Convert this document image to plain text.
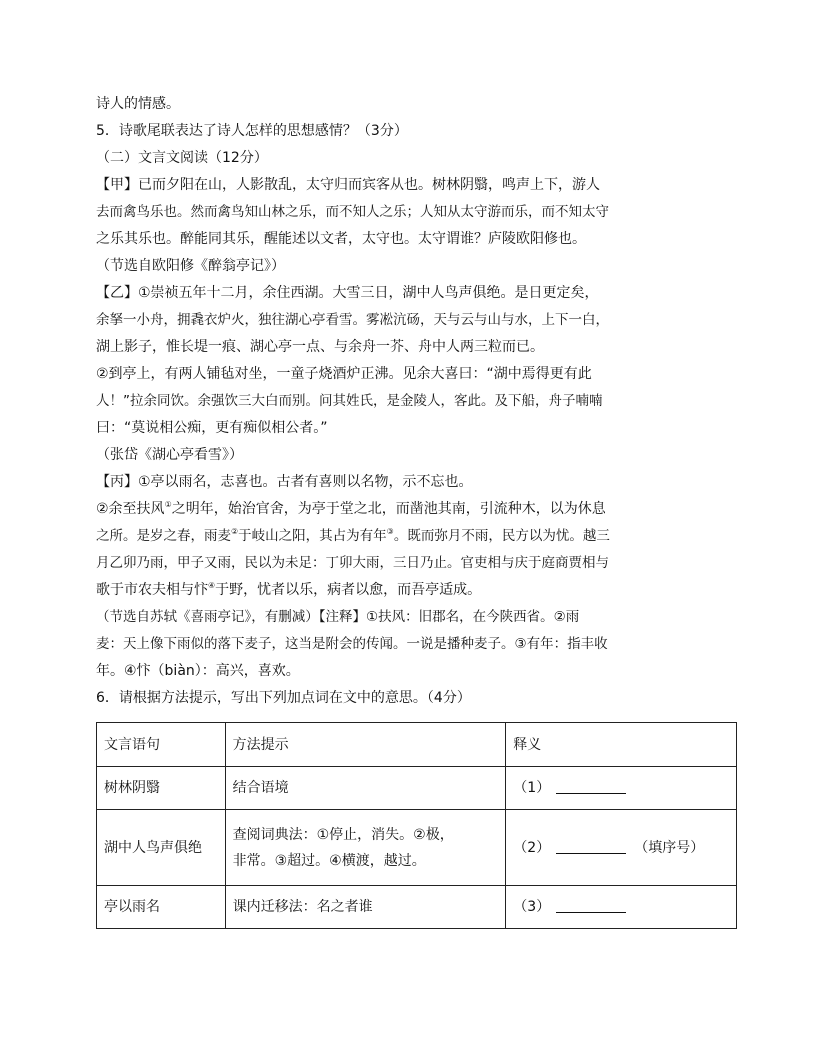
诗人的情感。
5．诗歌尾联表达了诗人怎样的思想感情？（3分）
（二）文言文阅读（12分）
【甲】已而夕阳在山，人影散乱，太守归而宾客从也。树林阴翳，鸣声上下，游人
去而禽鸟乐也。然而禽鸟知山林之乐，而不知人之乐；人知从太守游而乐，而不知太守
之乐其乐也。醉能同其乐，醒能述以文者，太守也。太守谓谁？庐陵欧阳修也。
（节选自欧阳修《醉翁亭记》）
【乙】①崇祯五年十二月，余住西湖。大雪三日，湖中人鸟声俱绝。是日更定矣，
余拏一小舟，拥毳衣炉火，独往湖心亭看雪。雾凇沆砀，天与云与山与水，上下一白，
湖上影子，惟长堤一痕、湖心亭一点、与余舟一芥、舟中人两三粒而已。
②到亭上，有两人铺毡对坐，一童子烧酒炉正沸。见余大喜曰：“湖中焉得更有此
人！”拉余同饮。余强饮三大白而别。问其姓氏，是金陵人，客此。及下船，舟子喃喃
曰：“莫说相公痴，更有痴似相公者。”
（张岱《湖心亭看雪》）
【丙】①亭以雨名，志喜也。古者有喜则以名物，示不忘也。
②余至扶风①之明年，始治官舍，为亭于堂之北，而凿池其南，引流种木，以为休息
之所。是岁之春，雨麦②于岐山之阳，其占为有年③。既而弥月不雨，民方以为忧。越三
月乙卯乃雨，甲子又雨，民以为未足：丁卯大雨，三日乃止。官吏相与庆于庭商贾相与
歌于市农夫相与忭④于野，忧者以乐，病者以愈，而吾亭适成。
（节选自苏轼《喜雨亭记》，有删减）【注释】①扶风：旧郡名，在今陕西省。②雨
麦：天上像下雨似的落下麦子，这当是附会的传闻。一说是播种麦子。③有年：指丰收
年。④忭（biàn）：高兴，喜欢。
6．请根据方法提示，写出下列加点词在文中的意思。（4分）
文言语句	方法提示	释义
树林阴翳	结合语境	（1）
湖中人鸟声俱绝	查阅词典法：①停止，消失。②极，
非常。③超过。④横渡，越过。	（2） （填序号）
亭以雨名	课内迁移法：名之者谁	（3）
